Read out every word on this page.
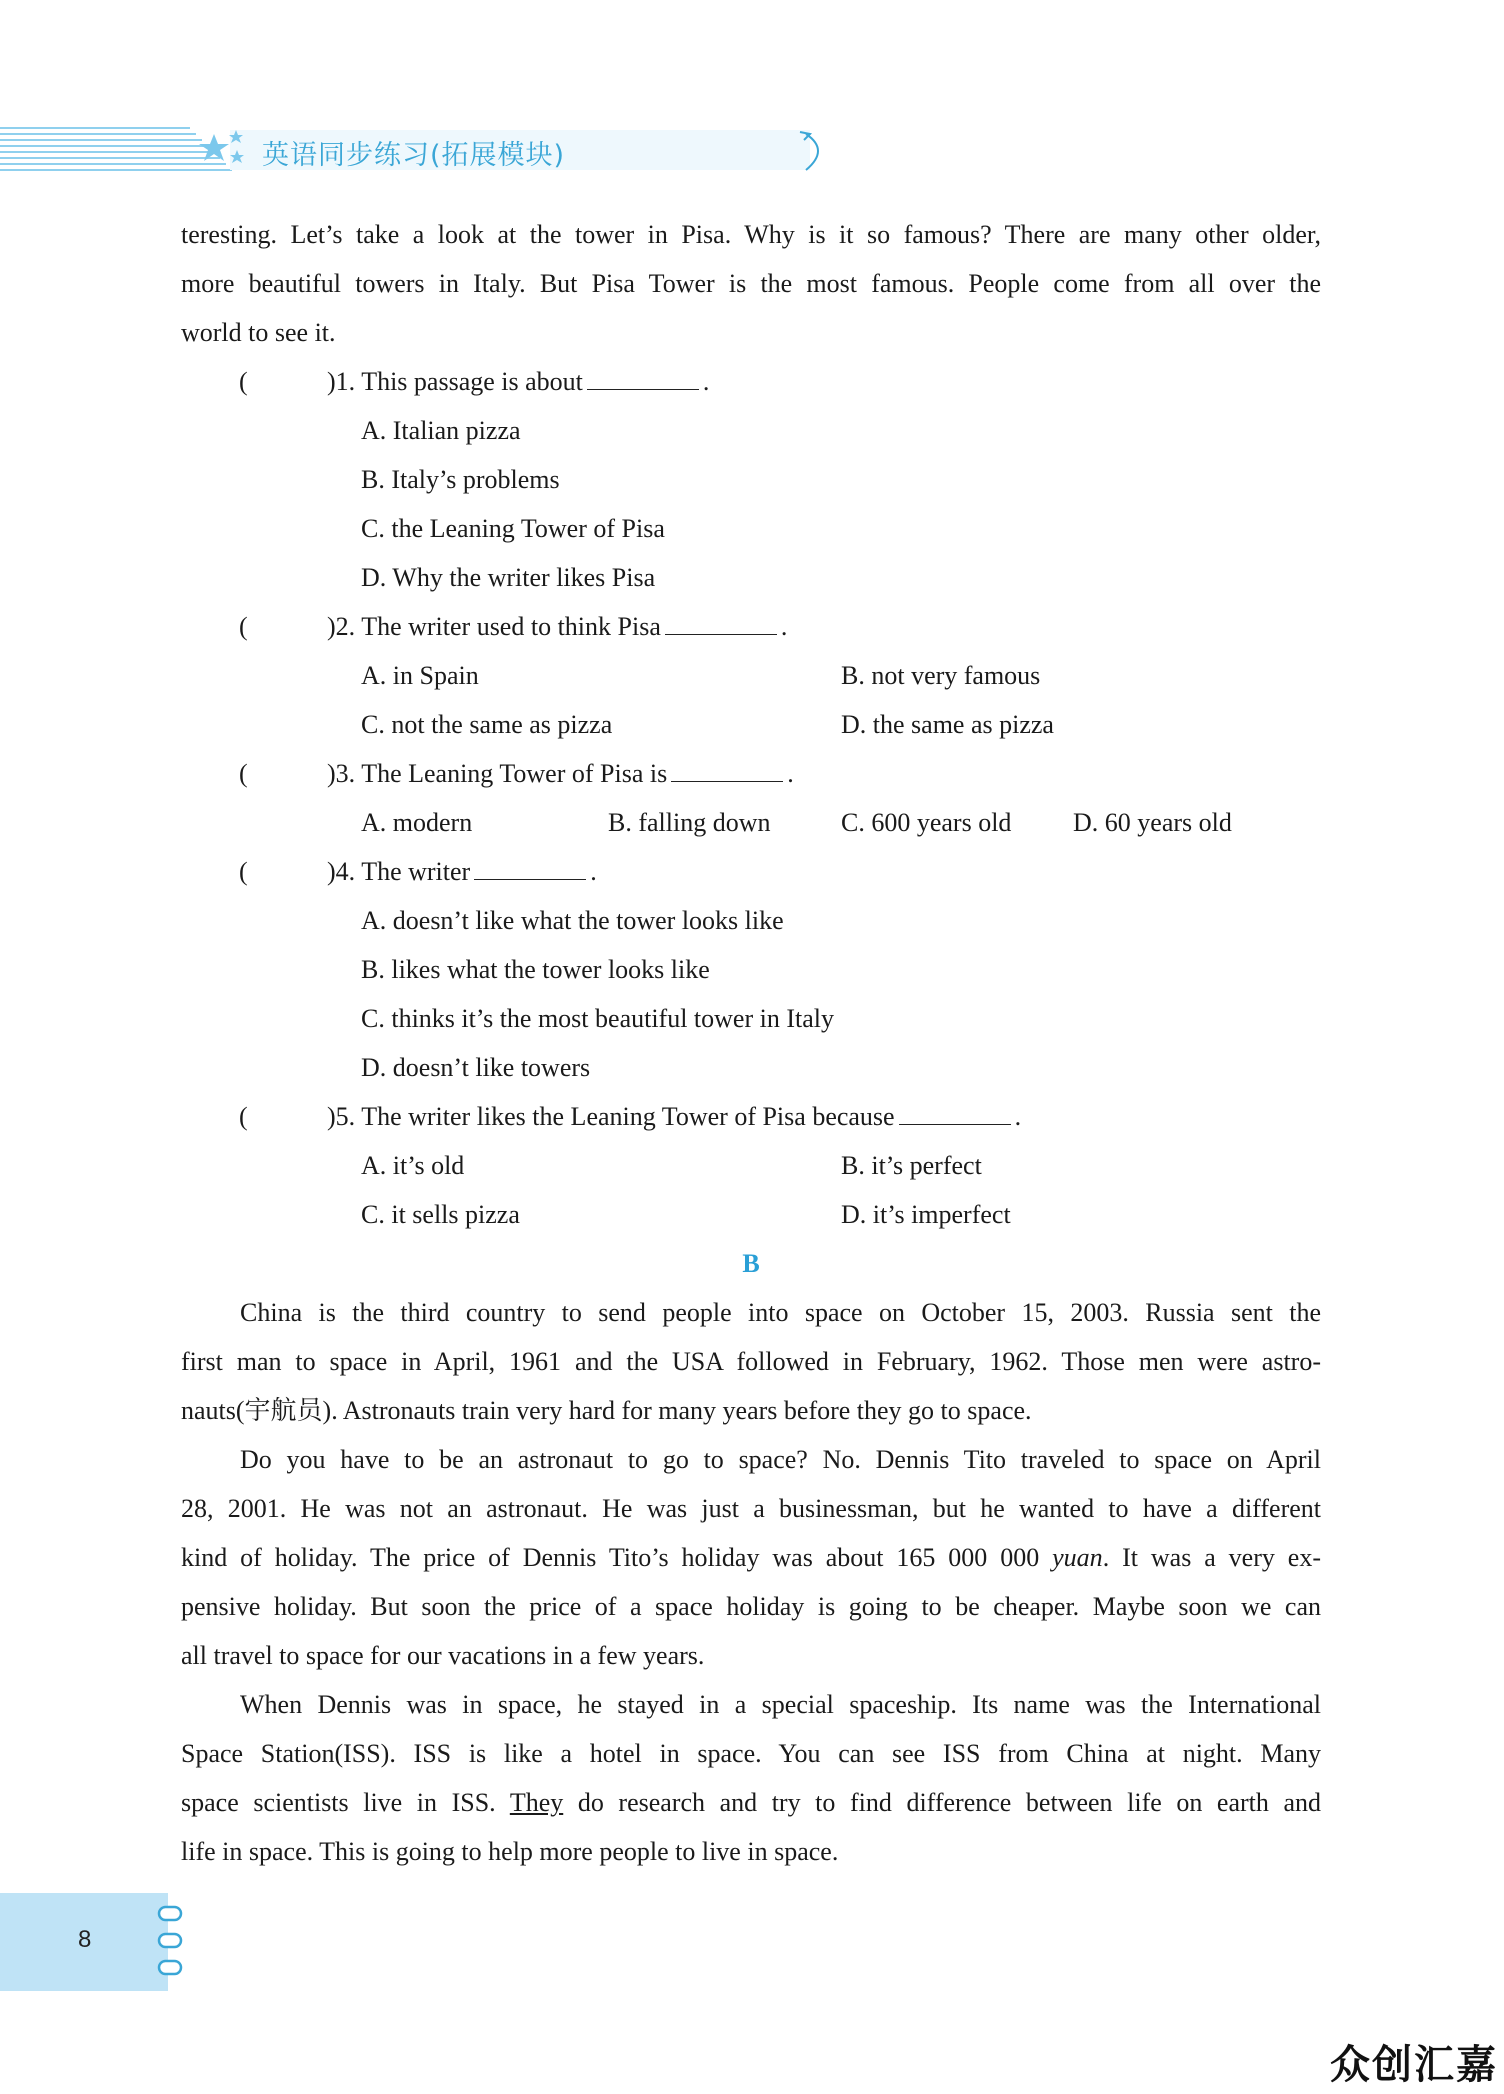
英语同步练习(拓展模块)
teresting. Let’s take a look at the tower in Pisa. Why is it so famous? There are many other older,
more beautiful towers in Italy. But Pisa Tower is the most famous. People come from all over the
world to see it.
(	)1. This passage is about	.
A. Italian pizza
B. Italy’s problems
C. the Leaning Tower of Pisa
D. Why the writer likes Pisa
(	)2. The writer used to think Pisa	.
A. in Spain	B. not very famous
C. not the same as pizza	D. the same as pizza
(	)3. The Leaning Tower of Pisa is	.
A. modern	B. falling down	C. 600 years old D. 60 years old
(	)4. The writer	.
A. doesn’t like what the tower looks like
B. likes what the tower looks like
C. thinks it’s the most beautiful tower in Italy
D. doesn’t like towers
(	)5. The writer likes the Leaning Tower of Pisa because	.
A. it’s old	B. it’s perfect
C. it sells pizza	D. it’s imperfect
B
China is the third country to send people into space on October 15, 2003. Russia sent the
first man to space in April, 1961 and the USA followed in February, 1962. Those men were astro-
nauts(宇航员). Astronauts train very hard for many years before they go to space.
Do you have to be an astronaut to go to space? No. Dennis Tito traveled to space on April
28, 2001. He was not an astronaut. He was just a businessman, but he wanted to have a different
kind of holiday. The price of Dennis Tito’s holiday was about 165 000 000 yuan. It was a very ex-
pensive holiday. But soon the price of a space holiday is going to be cheaper. Maybe soon we can
all travel to space for our vacations in a few years.
When Dennis was in space, he stayed in a special spaceship. Its name was the International
Space Station(ISS). ISS is like a hotel in space. You can see ISS from China at night. Many
space scientists live in ISS. They do research and try to find difference between life on earth and
life in space. This is going to help more people to live in space.
8
众创汇嘉
